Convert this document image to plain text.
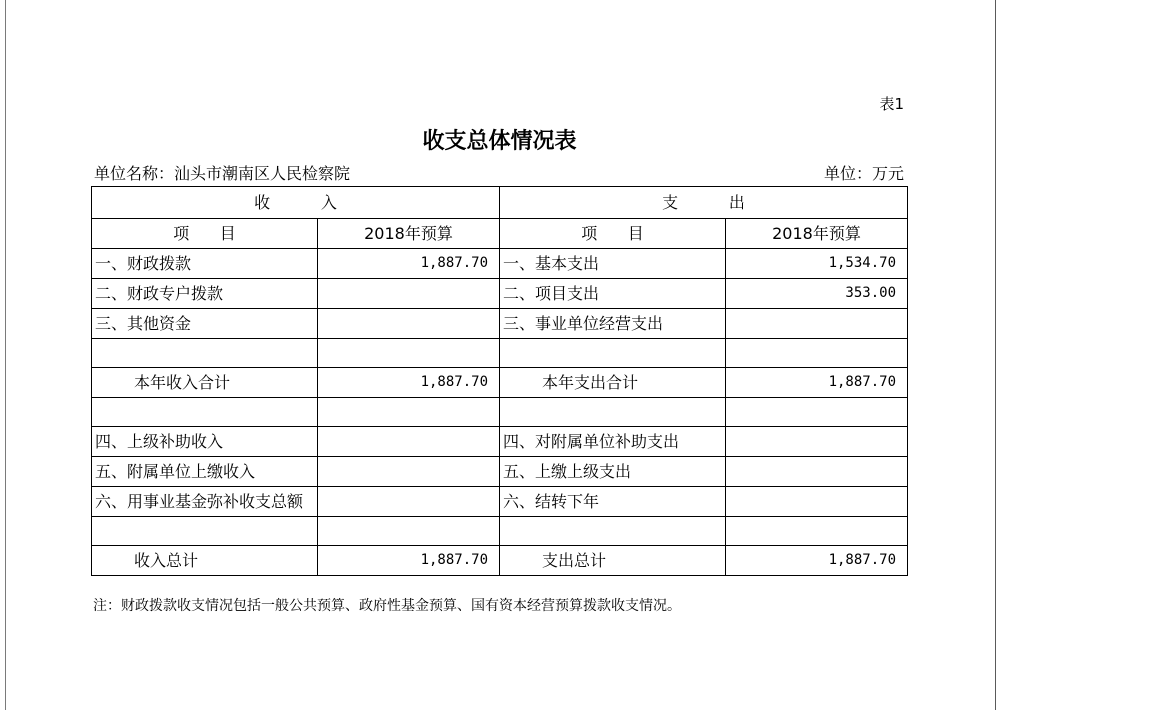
表1
收支总体情况表
单位名称：汕头市潮南区人民检察院	单位：万元
收          入		支          出	
项      目	2018年预算	项      目	2018年预算
一、财政拨款	1,887.70	一、基本支出	1,534.70
二、财政专户拨款		二、项目支出	353.00
三、其他资金		三、事业单位经营支出	

本年收入合计	1,887.70	本年支出合计	1,887.70

四、上级补助收入		四、对附属单位补助支出	
五、附属单位上缴收入		五、上缴上级支出	
六、用事业基金弥补收支总额		六、结转下年	

收入总计	1,887.70	支出总计	1,887.70
注：财政拨款收支情况包括一般公共预算、政府性基金预算、国有资本经营预算拨款收支情况。
